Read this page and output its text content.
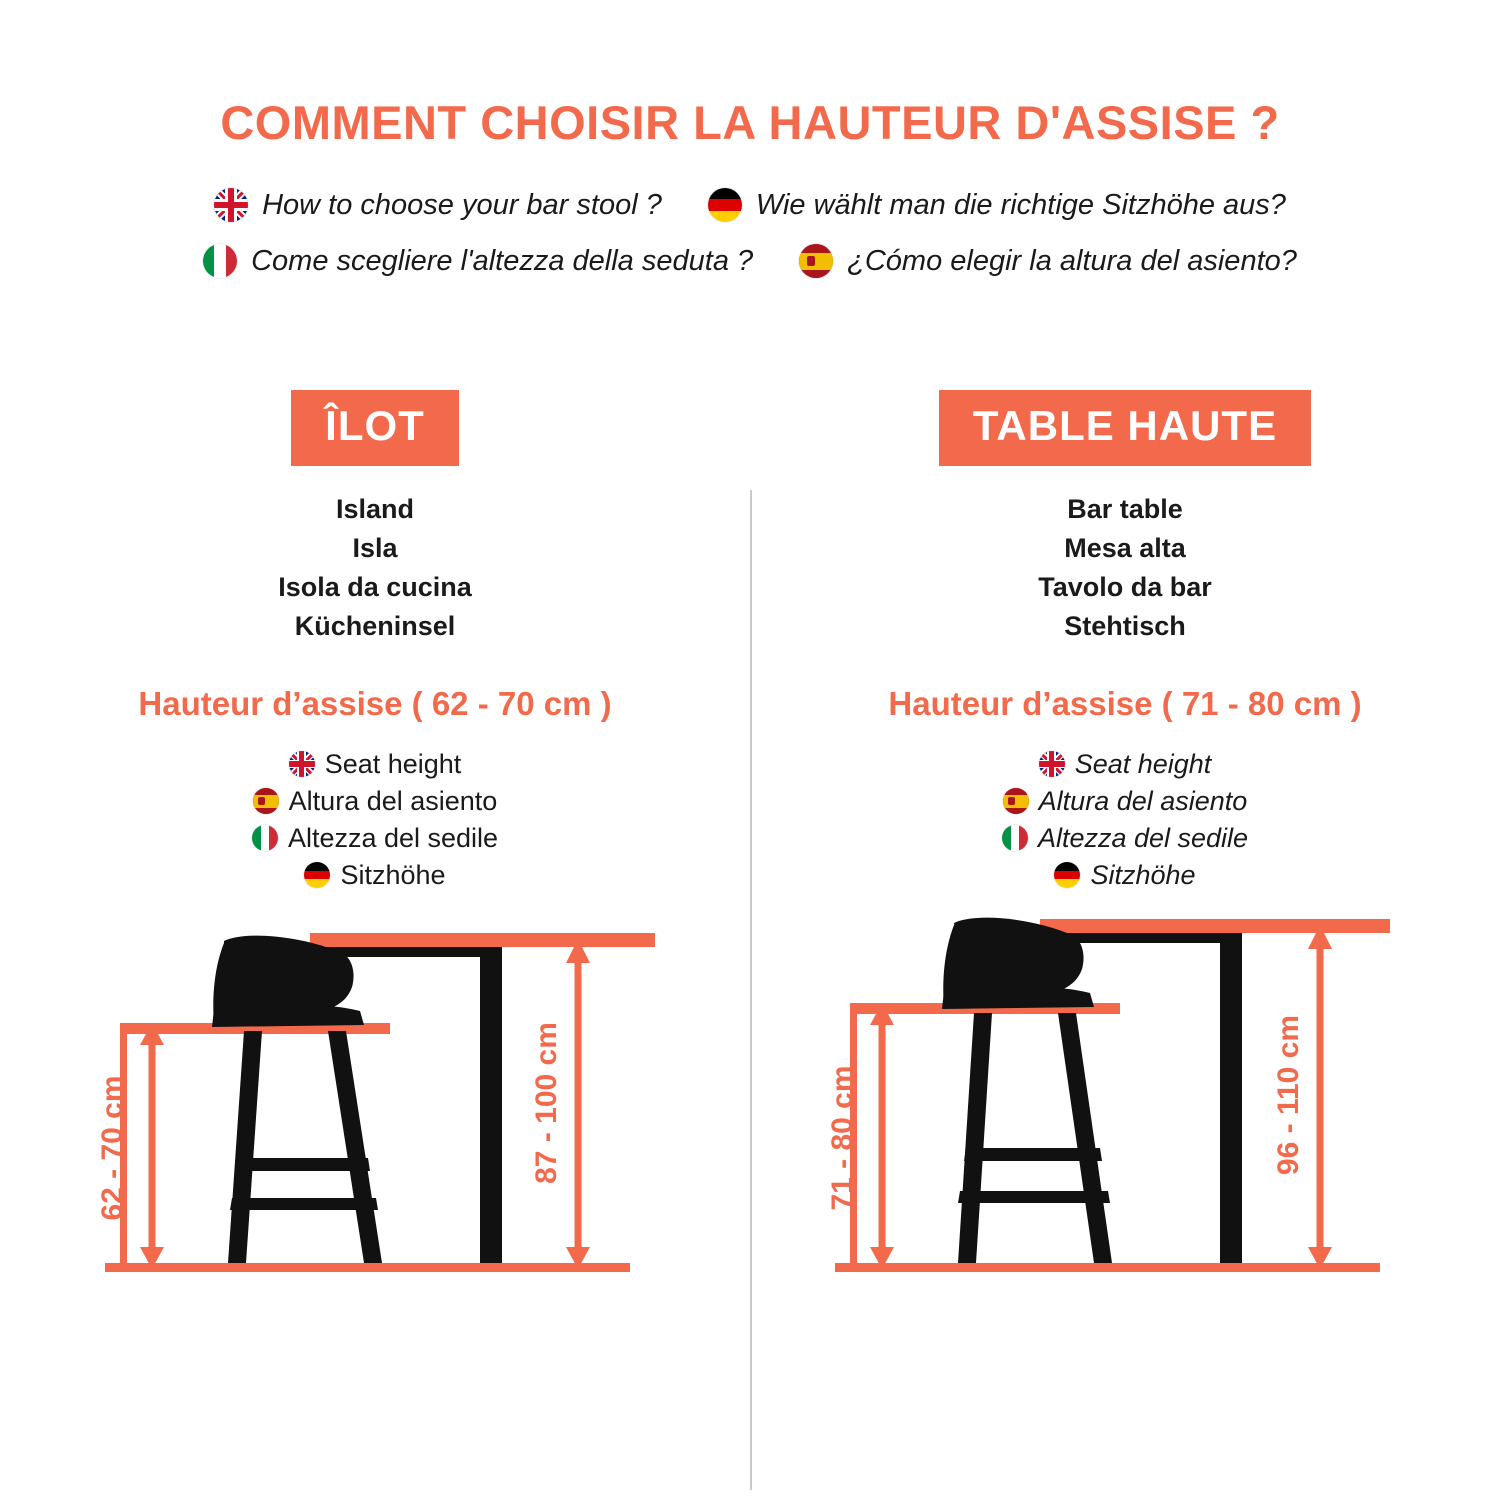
COMMENT CHOISIR LA HAUTEUR D'ASSISE ?
How to choose your bar stool ?	Wie wählt man die richtige Sitzhöhe aus?
Come scegliere l'altezza della seduta ?	¿Cómo elegir la altura del asiento?
ÎLOT
Island
Isla
Isola da cucina
Kücheninsel
Hauteur d’assise ( 62 - 70 cm )
Seat height
Altura del asiento
Altezza del sedile
Sitzhöhe
62 - 70 cm	87 - 100 cm
TABLE HAUTE
Bar table
Mesa alta
Tavolo da bar
Stehtisch
Hauteur d’assise ( 71 - 80 cm )
Seat height
Altura del asiento
Altezza del sedile
Sitzhöhe
71 - 80 cm	96 - 110 cm
